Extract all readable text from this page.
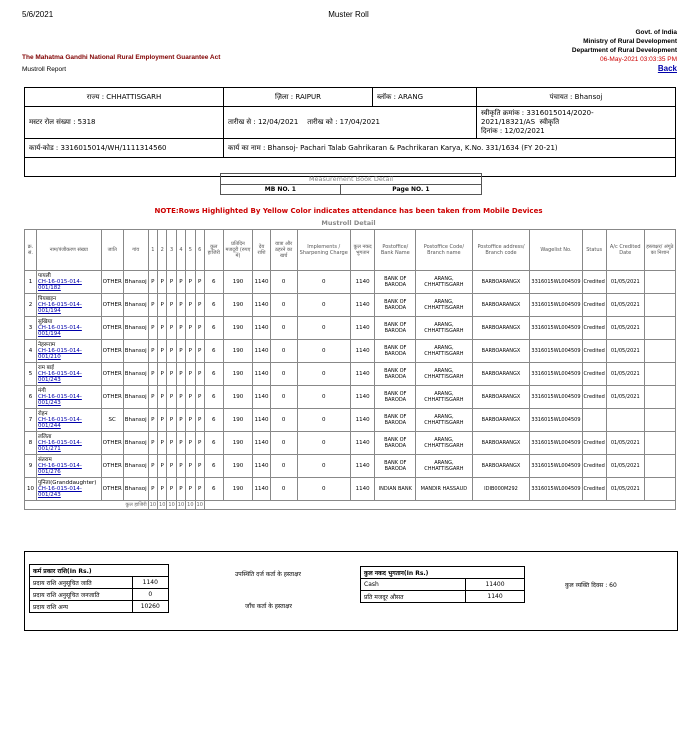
5/6/2021	Muster Roll
Govt. of India
Ministry of Rural Development
Department of Rural Development
06-May-2021 03:03:35 PM
Back
The Mahatma Gandhi National Rural Employment Guarantee Act
Mustroll Report
राज्य : CHHATTISGARH	ज़िला : RAIPUR	ब्लॉक : ARANG	पंचायत : Bhansoj
मस्टर रोल संख्या : 5318	तारीख से : 12/04/2021 तारीख को : 17/04/2021		स्वीकृति क्रमांक : 3316015014/2020-2021/18321/AS स्वीकृति
दिनांक : 12/02/2021

कार्य-कोड : 3316015014/WH/1111314560	कार्य का नाम : Bhansoj- Pachari Talab Gahrikaran & Pachrikaran Karya, K.No. 331/1634 (FY 20-21)		

Measurement Book Detail
MB NO. 1	Page NO. 1
NOTE:Rows Highlighted By Yellow Color indicates attendance has been taken from Mobile Devices
Mustroll Detail
क्र. सं.	नाम/पंजीकरण संख्या	जाति	गांव	1	2	3	4	5	6	कुल हाजिरी	प्रतिदिन मजदूरी (रुपए में)	देय राशि	यात्रा और ठहरने का खर्च	Implements / Sharpening Charge	कुल नकद भुगतान	Postoffice/ Bank Name	Postoffice Code/ Branch name	Postoffice address/ Branch code	Wagelist No.	Status	A/c Credited Date	हस्ताक्षर/ अंगूठे का निशान
1	पायली
CH-16-015-014-001/182	OTHER	Bhansoj	P	P	P	P	P	P	6	190	1140	0	0	1140	BANK OF BARODA	ARANG, CHHATTISGARH	BARBOARANGX	3316015WL004509	Credited	01/05/2021	
2	पियबाइन
CH-16-015-014-001/194	OTHER	Bhansoj	P	P	P	P	P	P	6	190	1140	0	0	1140	BANK OF BARODA	ARANG, CHHATTISGARH	BARBOARANGX	3316015WL004509	Credited	01/05/2021	
3	सुखिया
CH-16-015-014-001/194	OTHER	Bhansoj	P	P	P	P	P	P	6	190	1140	0	0	1140	BANK OF BARODA	ARANG, CHHATTISGARH	BARBOARANGX	3316015WL004509	Credited	01/05/2021	
4	नेहरूराम
CH-16-015-014-001/210	OTHER	Bhansoj	P	P	P	P	P	P	6	190	1140	0	0	1140	BANK OF BARODA	ARANG, CHHATTISGARH	BARBOARANGX	3316015WL004509	Credited	01/05/2021	
5	राम बाई
CH-16-015-014-001/243	OTHER	Bhansoj	P	P	P	P	P	P	6	190	1140	0	0	1140	BANK OF BARODA	ARANG, CHHATTISGARH	BARBOARANGX	3316015WL004509	Credited	01/05/2021	
6	मंगी
CH-16-015-014-001/243	OTHER	Bhansoj	P	P	P	P	P	P	6	190	1140	0	0	1140	BANK OF BARODA	ARANG, CHHATTISGARH	BARBOARANGX	3316015WL004509	Credited	01/05/2021	
7	रोहन
CH-16-015-014-001/244	SC	Bhansoj	P	P	P	P	P	P	6	190	1140	0	0	1140	BANK OF BARODA	ARANG, CHHATTISGARH	BARBOARANGX	3316015WL004509			
8	ललिता
CH-16-015-014-001/271	OTHER	Bhansoj	P	P	P	P	P	P	6	190	1140	0	0	1140	BANK OF BARODA	ARANG, CHHATTISGARH	BARBOARANGX	3316015WL004509	Credited	01/05/2021	
9	संतराम
CH-16-015-014-001/276	OTHER	Bhansoj	P	P	P	P	P	P	6	190	1140	0	0	1140	BANK OF BARODA	ARANG, CHHATTISGARH	BARBOARANGX	3316015WL004509	Credited	01/05/2021	
10	पुनिता(Granddaughter)
CH-16-015-014-001/243	OTHER	Bhansoj	P	P	P	P	P	P	6	190	1140	0	0	1140	INDIAN BANK	MANDIR HASSAUD	IDIB000M292	3316015WL004509	Credited	01/05/2021	
कुल हाजिरी				10	10	10	10	10	10													
कर्म प्रकार राशि(In Rs.)	
प्रदाय राशि अनुसूचित जाति	1140
प्रदाय राशि अनुसूचित जनजाति	0
प्रदाय राशि अन्य	10260
उपस्थिति दर्ज कर्ता के हस्ताक्षर
जाँच कर्ता के हस्ताक्षर
कुल नकद भुगतान(In Rs.)	
Cash	11400
प्रति मजदूर औसत	1140
कुल व्यक्ति दिवस : 60
